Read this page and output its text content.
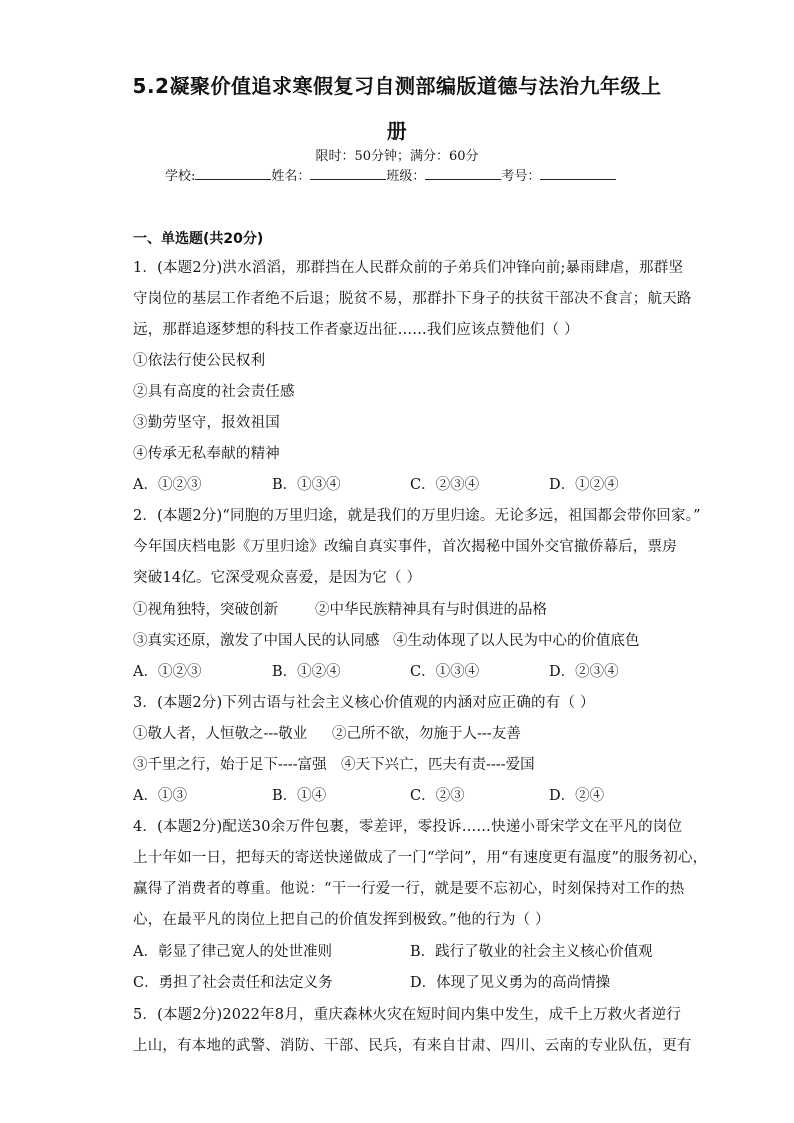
5.2凝聚价值追求寒假复习自测部编版道德与法治九年级上
册
限时：50分钟；满分：60分
学校:	姓名：	班级：	考号：
一、单选题(共20分)
1．(本题2分)洪水滔滔，那群挡在人民群众前的子弟兵们冲锋向前;暴雨肆虐，那群坚
守岗位的基层工作者绝不后退；脱贫不易，那群扑下身子的扶贫干部决不食言；航天路
远，那群追逐梦想的科技工作者豪迈出征……我们应该点赞他们（ ）
①依法行使公民权利
②具有高度的社会责任感
③勤劳坚守，报效祖国
④传承无私奉献的精神
A．①②③	B．①③④	C．②③④	D．①②④
2．(本题2分)“同胞的万里归途，就是我们的万里归途。无论多远，祖国都会带你回家。”
今年国庆档电影《万里归途》改编自真实事件，首次揭秘中国外交官撤侨幕后，票房
突破14亿。它深受观众喜爱，是因为它（ ）
①视角独特，突破创新	②中华民族精神具有与时俱进的品格
③真实还原，激发了中国人民的认同感 ④生动体现了以人民为中心的价值底色
A．①②③	B．①②④	C．①③④	D．②③④
3．(本题2分)下列古语与社会主义核心价值观的内涵对应正确的有（ ）
①敬人者，人恒敬之---敬业 ②己所不欲，勿施于人---友善
③千里之行，始于足下----富强 ④天下兴亡，匹夫有责----爱国
A．①③	B．①④	C．②③	D．②④
4．(本题2分)配送30余万件包裹，零差评，零投诉……快递小哥宋学文在平凡的岗位
上十年如一日，把每天的寄送快递做成了一门“学问”，用“有速度更有温度”的服务初心，
赢得了消费者的尊重。他说：“干一行爱一行，就是要不忘初心，时刻保持对工作的热
心，在最平凡的岗位上把自己的价值发挥到极致。”他的行为（ ）
A．彰显了律己宽人的处世准则	B．践行了敬业的社会主义核心价值观
C．勇担了社会责任和法定义务	D．体现了见义勇为的高尚情操
5．(本题2分)2022年8月，重庆森林火灾在短时间内集中发生，成千上万救火者逆行
上山，有本地的武警、消防、干部、民兵，有来自甘肃、四川、云南的专业队伍，更有
